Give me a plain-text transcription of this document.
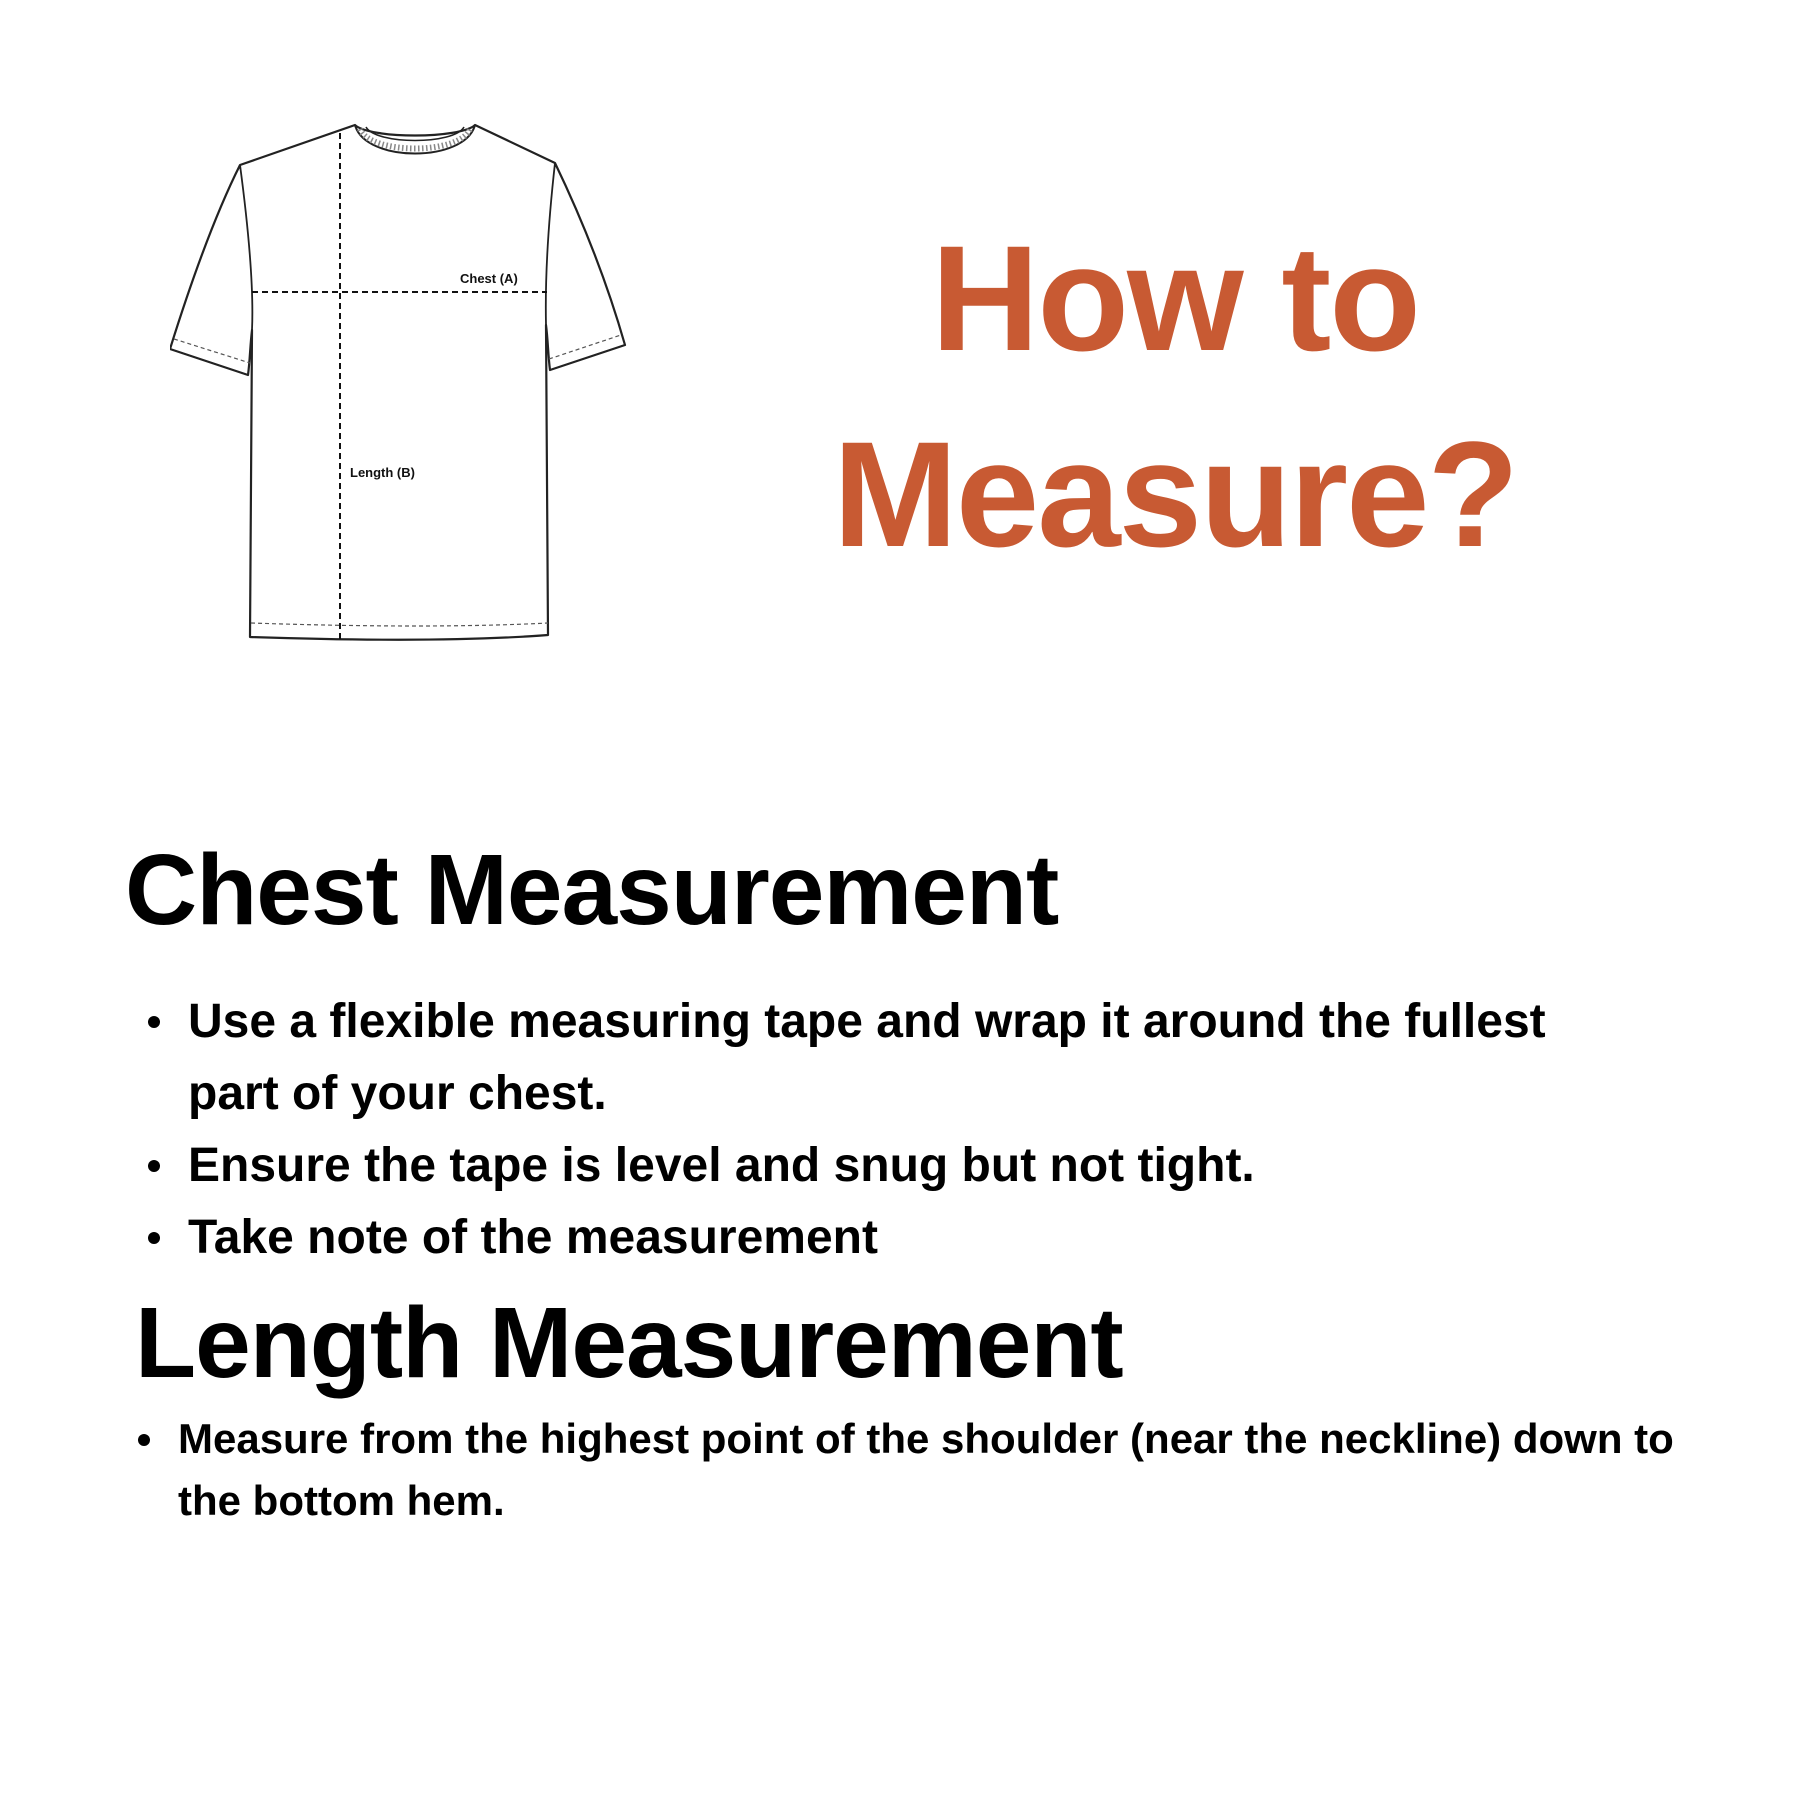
Chest (A)
Length (B)
How to
Measure?
Chest Measurement
Use a flexible measuring tape and wrap it around the fullest part of your chest.
Ensure the tape is level and snug but not tight.
Take note of the measurement
Length Measurement
Measure from the highest point of the shoulder (near the neckline) down to the bottom hem.
